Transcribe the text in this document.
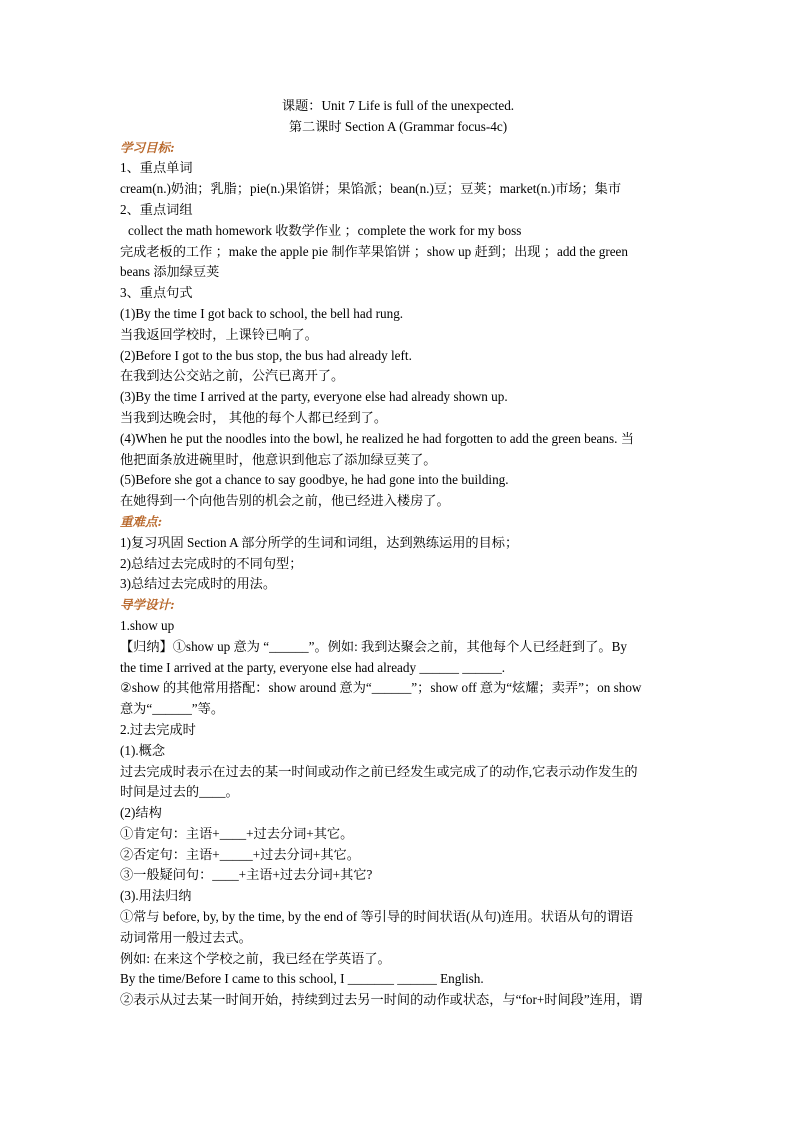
课题：Unit 7 Life is full of the unexpected.
第二课时 Section A (Grammar focus-4c)
学习目标:
1、重点单词
cream(n.)奶油；乳脂；pie(n.)果馅饼；果馅派；bean(n.)豆；豆荚；market(n.)市场；集市
2、重点词组
collect the math homework 收数学作业 ；complete the work for my boss
完成老板的工作 ；make the apple pie 制作苹果馅饼 ；show up 赶到；出现 ；add the green
beans 添加绿豆荚
3、重点句式
(1)By the time I got back to school, the bell had rung.
当我返回学校时，上课铃已响了。
(2)Before I got to the bus stop, the bus had already left.
在我到达公交站之前，公汽已离开了。
(3)By the time I arrived at the party, everyone else had already shown up.
当我到达晚会时， 其他的每个人都已经到了。
(4)When he put the noodles into the bowl, he realized he had forgotten to add the green beans. 当
他把面条放进碗里时，他意识到他忘了添加绿豆荚了。
(5)Before she got a chance to say goodbye, he had gone into the building.
在她得到一个向他告别的机会之前，他已经进入楼房了。
重难点:
1)复习巩固 Section A 部分所学的生词和词组，达到熟练运用的目标；
2)总结过去完成时的不同句型；
3)总结过去完成时的用法。
导学设计:
1.show up
【归纳】①show up 意为 “______”。例如: 我到达聚会之前，其他每个人已经赶到了。By
the time I arrived at the party, everyone else had already ______ ______.
②show 的其他常用搭配：show around 意为“______”；show off 意为“炫耀；卖弄”；on show
意为“______”等。
2.过去完成时
(1).概念
过去完成时表示在过去的某一时间或动作之前已经发生或完成了的动作,它表示动作发生的
时间是过去的____。
(2)结构
①肯定句：主语+____+过去分词+其它。
②否定句：主语+_____+过去分词+其它。
③一般疑问句：____+主语+过去分词+其它?
(3).用法归纳
①常与 before, by, by the time, by the end of 等引导的时间状语(从句)连用。状语从句的谓语
动词常用一般过去式。
例如: 在来这个学校之前，我已经在学英语了。
By the time/Before I came to this school, I _______ ______ English.
②表示从过去某一时间开始，持续到过去另一时间的动作或状态，与“for+时间段”连用，谓
